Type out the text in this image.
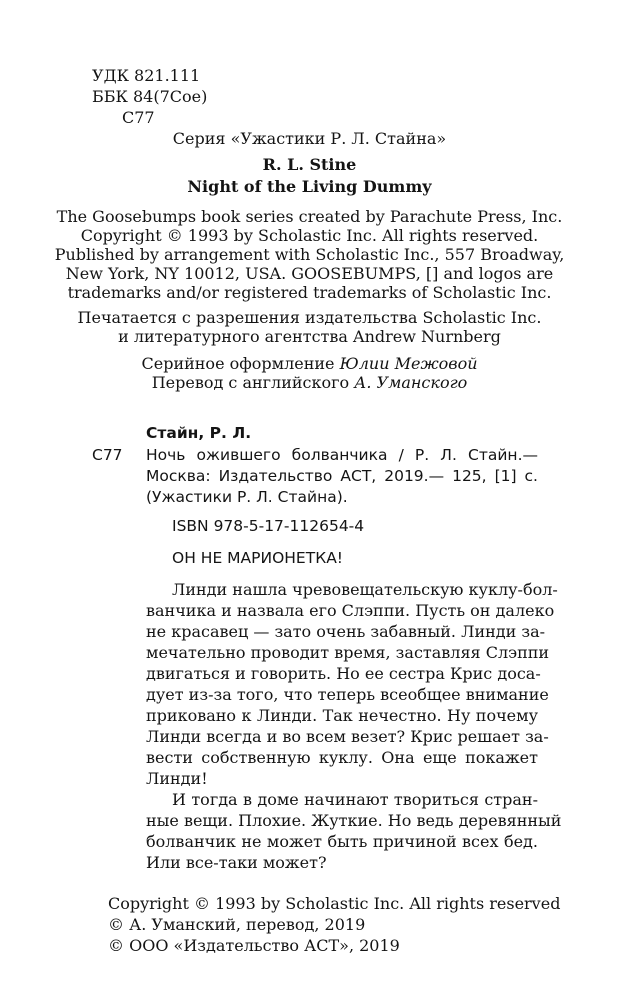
УДК 821.111
ББК 84(7Сое)
С77
Серия «Ужастики Р. Л. Стайна»
R. L. Stine
Night of the Living Dummy
The Goosebumps book series created by Parachute Press, Inc.
Copyright © 1993 by Scholastic Inc. All rights reserved.
Published by arrangement with Scholastic Inc., 557 Broadway,
New York, NY 10012, USA. GOOSEBUMPS, [] and logos are
trademarks and/or registered trademarks of Scholastic Inc.
Печатается с разрешения издательства Scholastic Inc.
и литературного агентства Andrew Nurnberg
Серийное оформление Юлии Межовой
Перевод с английского А. Уманского
Стайн, Р. Л.
С77 Ночь ожившего болванчика / Р. Л. Стайн.—
Москва: Издательство АСТ, 2019.— 125, [1] с.
(Ужастики Р. Л. Стайна).
ISBN 978-5-17-112654-4
ОН НЕ МАРИОНЕТКА!
Линди нашла чревовещательскую куклу-бол-
ванчика и назвала его Слэппи. Пусть он далеко
не красавец — зато очень забавный. Линди за-
мечательно проводит время, заставляя Слэппи
двигаться и говорить. Но ее сестра Крис доса-
дует из-за того, что теперь всеобщее внимание
приковано к Линди. Так нечестно. Ну почему
Линди всегда и во всем везет? Крис решает за-
вести собственную куклу. Она еще покажет
Линди!
И тогда в доме начинают твориться стран-
ные вещи. Плохие. Жуткие. Но ведь деревянный
болванчик не может быть причиной всех бед.
Или все-таки может?
Copyright © 1993 by Scholastic Inc. All rights reserved
© А. Уманский, перевод, 2019
© ООО «Издательство АСТ», 2019
